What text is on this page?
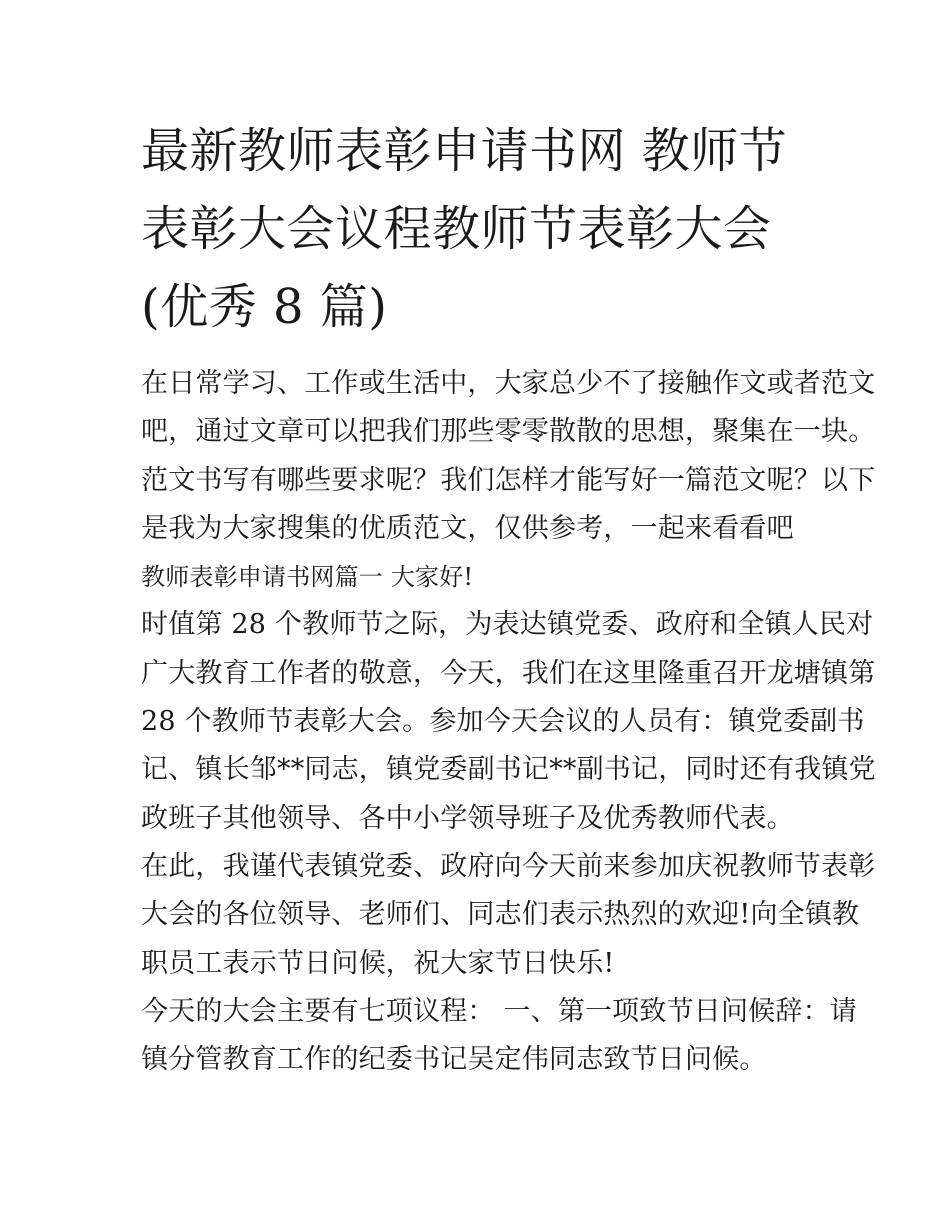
最新教师表彰申请书网 教师节
表彰大会议程教师节表彰大会
(优秀 8 篇)

在日常学习、工作或生活中，大家总少不了接触作文或者范文
吧，通过文章可以把我们那些零零散散的思想，聚集在一块。
范文书写有哪些要求呢？我们怎样才能写好一篇范文呢？以下
是我为大家搜集的优质范文，仅供参考，一起来看看吧

教师表彰申请书网篇一 大家好!

时值第 28 个教师节之际，为表达镇党委、政府和全镇人民对
广大教育工作者的敬意，今天，我们在这里隆重召开龙塘镇第
28 个教师节表彰大会。参加今天会议的人员有：镇党委副书
记、镇长邹**同志，镇党委副书记**副书记，同时还有我镇党
政班子其他领导、各中小学领导班子及优秀教师代表。

在此，我谨代表镇党委、政府向今天前来参加庆祝教师节表彰
大会的各位领导、老师们、同志们表示热烈的欢迎!向全镇教
职员工表示节日问候，祝大家节日快乐!

今天的大会主要有七项议程： 一、第一项致节日问候辞：请
镇分管教育工作的纪委书记吴定伟同志致节日问候。
